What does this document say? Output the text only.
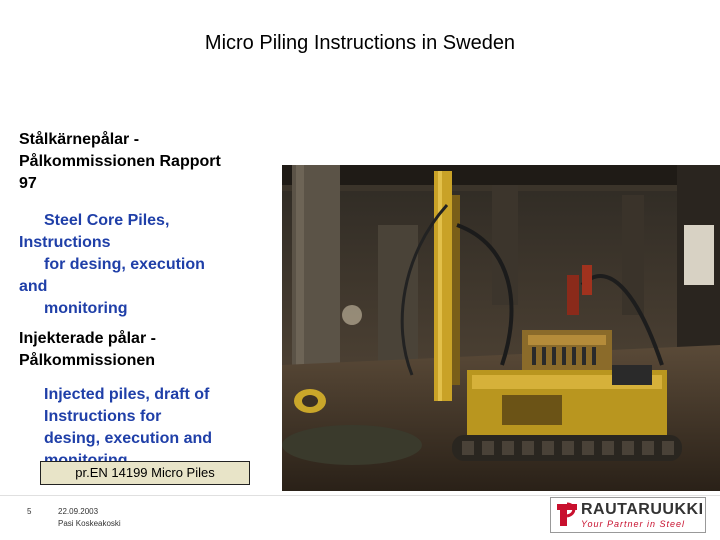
Micro Piling Instructions in Sweden
Stålkärnepålar -
Pålkommissionen Rapport
97
Steel Core Piles,
Instructions
for desing, execution
and
monitoring
Injekterade pålar -
Pålkommissionen
Injected piles, draft of
Instructions for
desing, execution and
pr.EN 14199 Micro Piles
5	22.09.2003
Pasi Koskeakoski
RAUTARUUKKI
Your Partner in Steel
